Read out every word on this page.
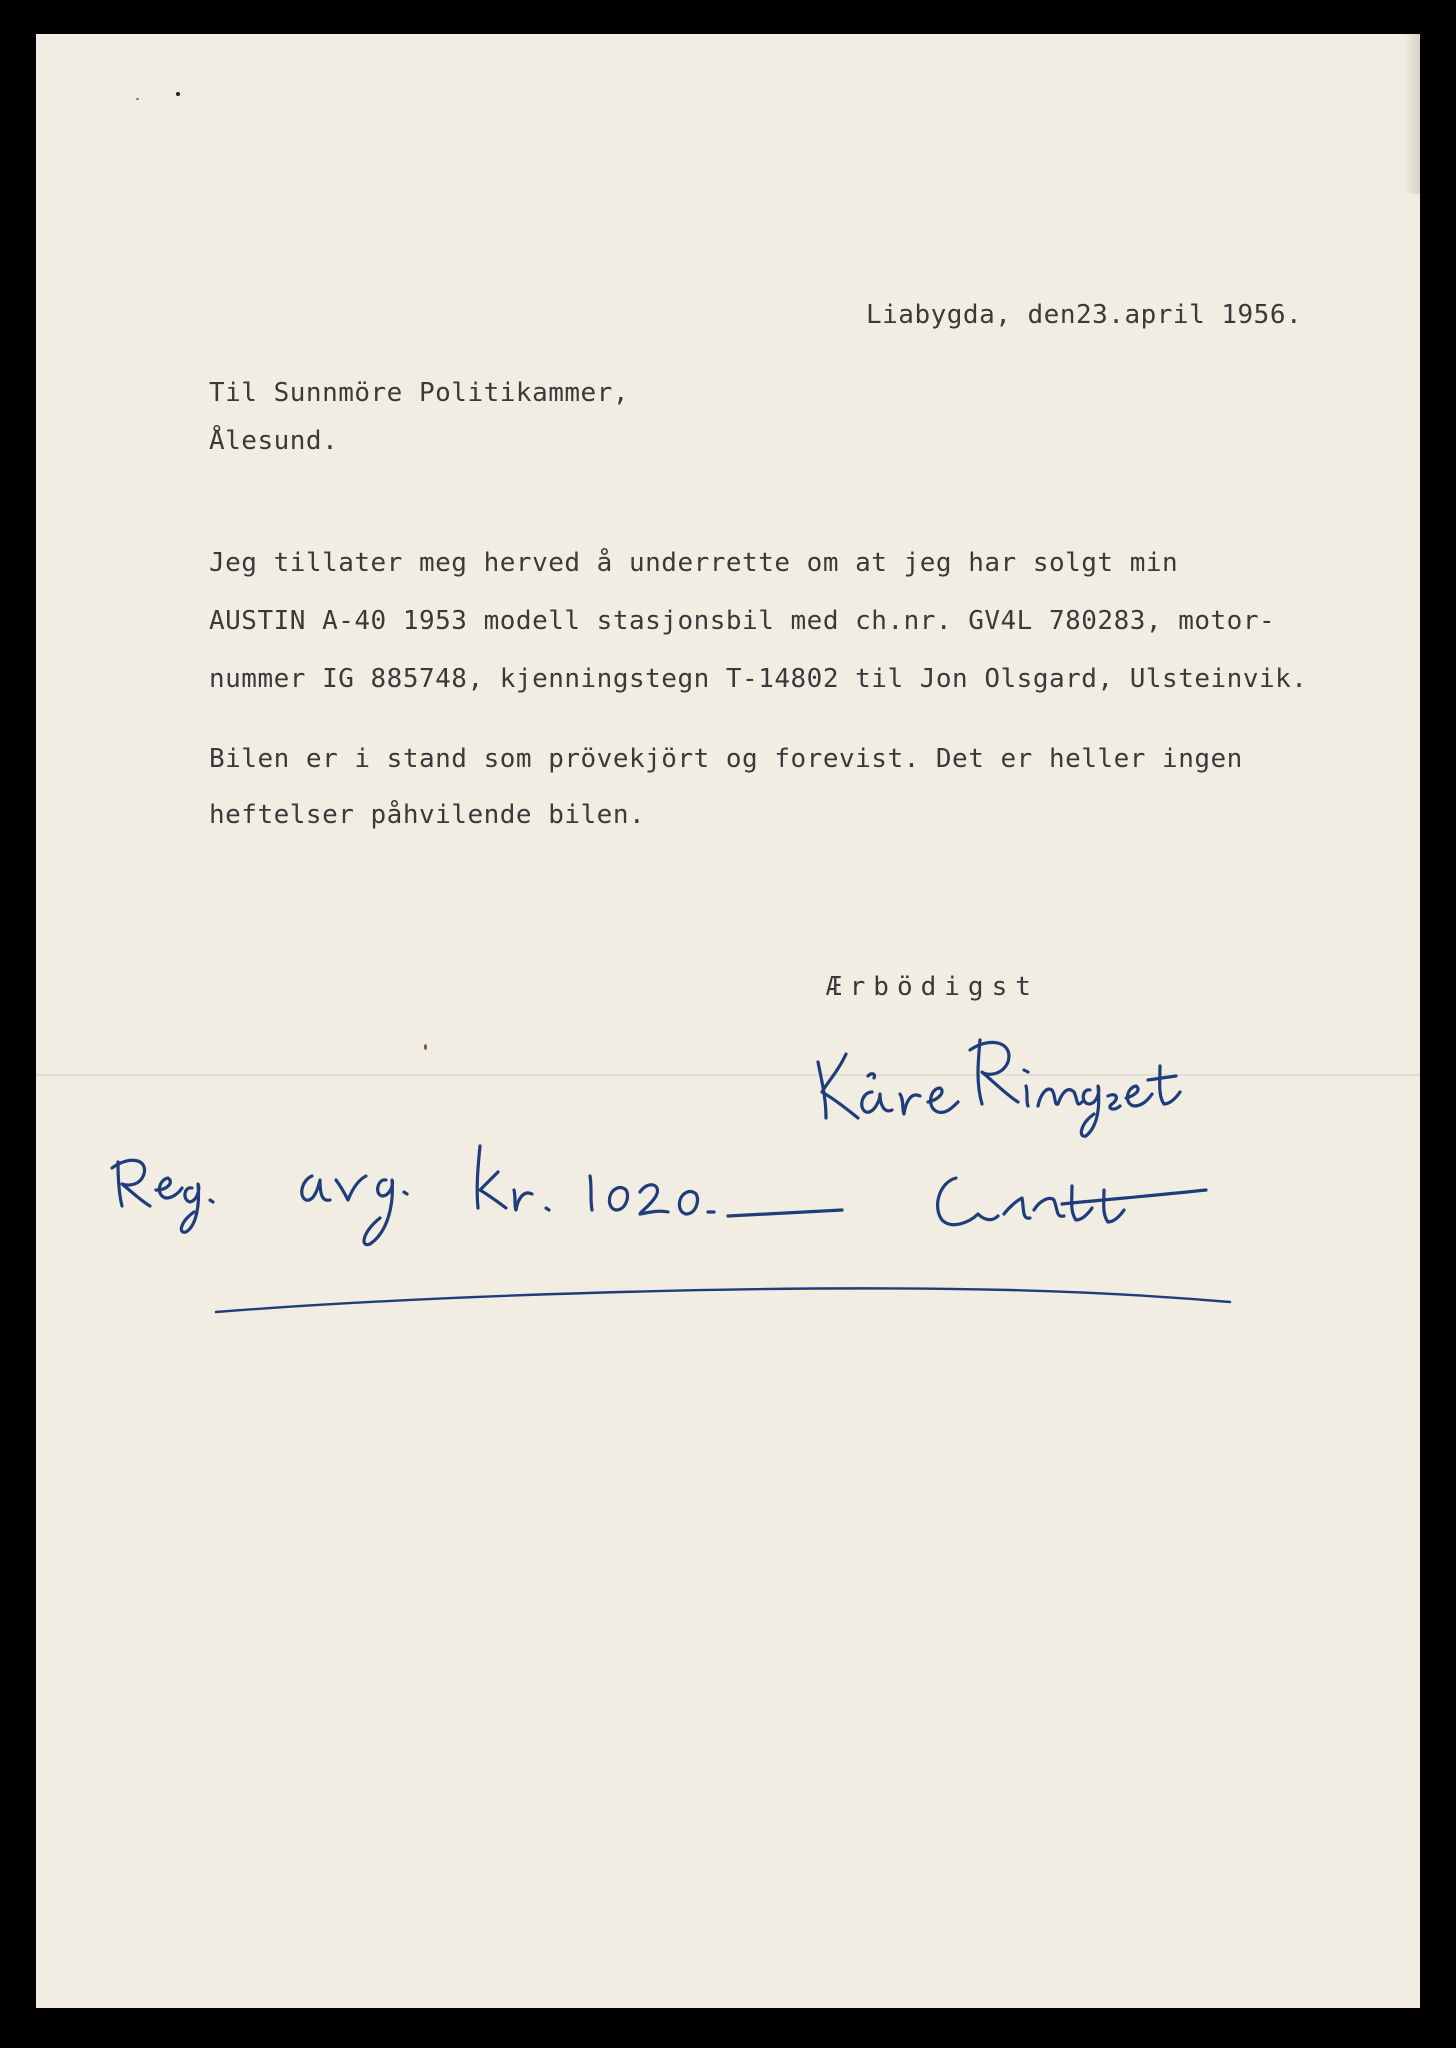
Liabygda, den23.april 1956.
Til Sunnmöre Politikammer,
Ålesund.
Jeg tillater meg herved å underrette om at jeg har solgt min
AUSTIN A-40 1953 modell stasjonsbil med ch.nr. GV4L 780283, motor-
nummer IG 885748, kjenningstegn T-14802 til Jon Olsgard, Ulsteinvik.
Bilen er i stand som prövekjört og forevist. Det er heller ingen
heftelser påhvilende bilen.
Ærbödigst
